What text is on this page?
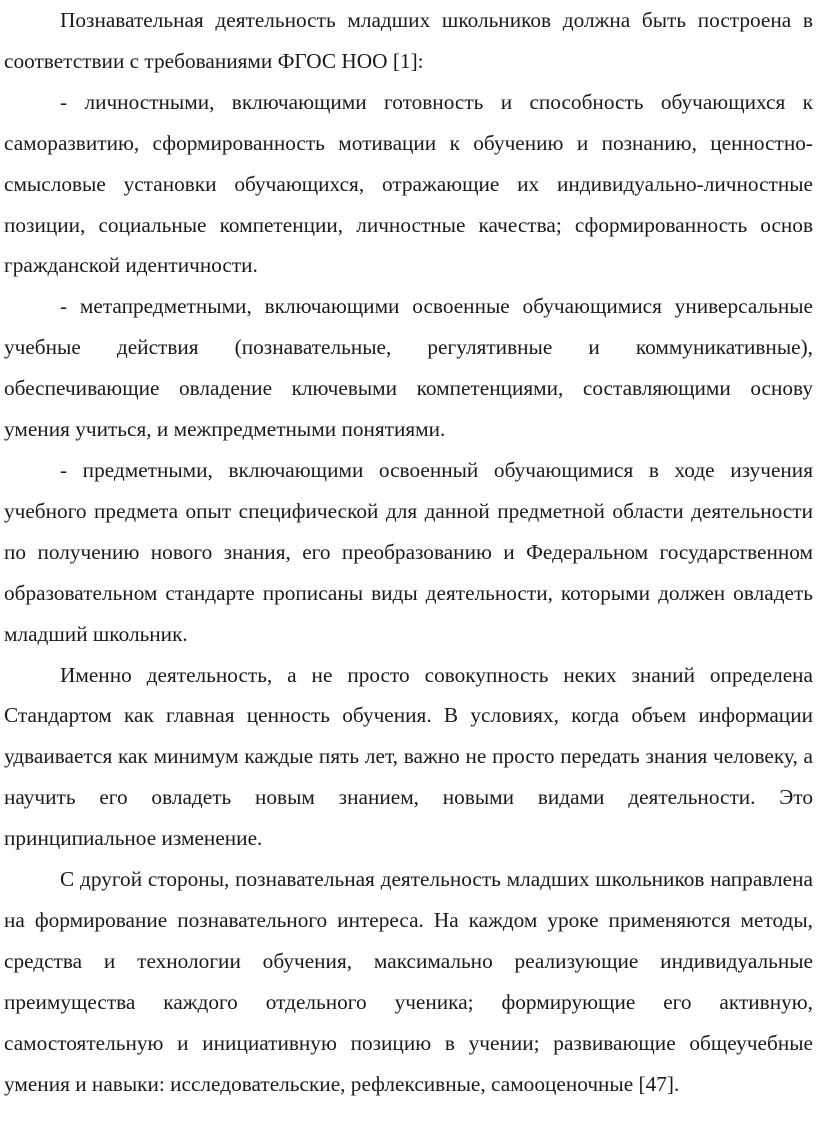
Познавательная деятельность младших школьников должна быть построена в соответствии с требованиями ФГОС НОО [1]:

- личностными, включающими готовность и способность обучающихся к саморазвитию, сформированность мотивации к обучению и познанию, ценностно-смысловые установки обучающихся, отражающие их индивидуально-личностные позиции, социальные компетенции, личностные качества; сформированность основ гражданской идентичности.

- метапредметными, включающими освоенные обучающимися универсальные учебные действия (познавательные, регулятивные и коммуникативные), обеспечивающие овладение ключевыми компетенциями, составляющими основу умения учиться, и межпредметными понятиями.

- предметными, включающими освоенный обучающимися в ходе изучения учебного предмета опыт специфической для данной предметной области деятельности по получению нового знания, его преобразованию и Федеральном государственном образовательном стандарте прописаны виды деятельности, которыми должен овладеть младший школьник.

Именно деятельность, а не просто совокупность неких знаний определена Стандартом как главная ценность обучения. В условиях, когда объем информации удваивается как минимум каждые пять лет, важно не просто передать знания человеку, а научить его овладеть новым знанием, новыми видами деятельности. Это принципиальное изменение.

С другой стороны, познавательная деятельность младших школьников направлена на формирование познавательного интереса. На каждом уроке применяются методы, средства и технологии обучения, максимально реализующие индивидуальные преимущества каждого отдельного ученика; формирующие его активную, самостоятельную и инициативную позицию в учении; развивающие общеучебные умения и навыки: исследовательские, рефлексивные, самооценочные [47].
